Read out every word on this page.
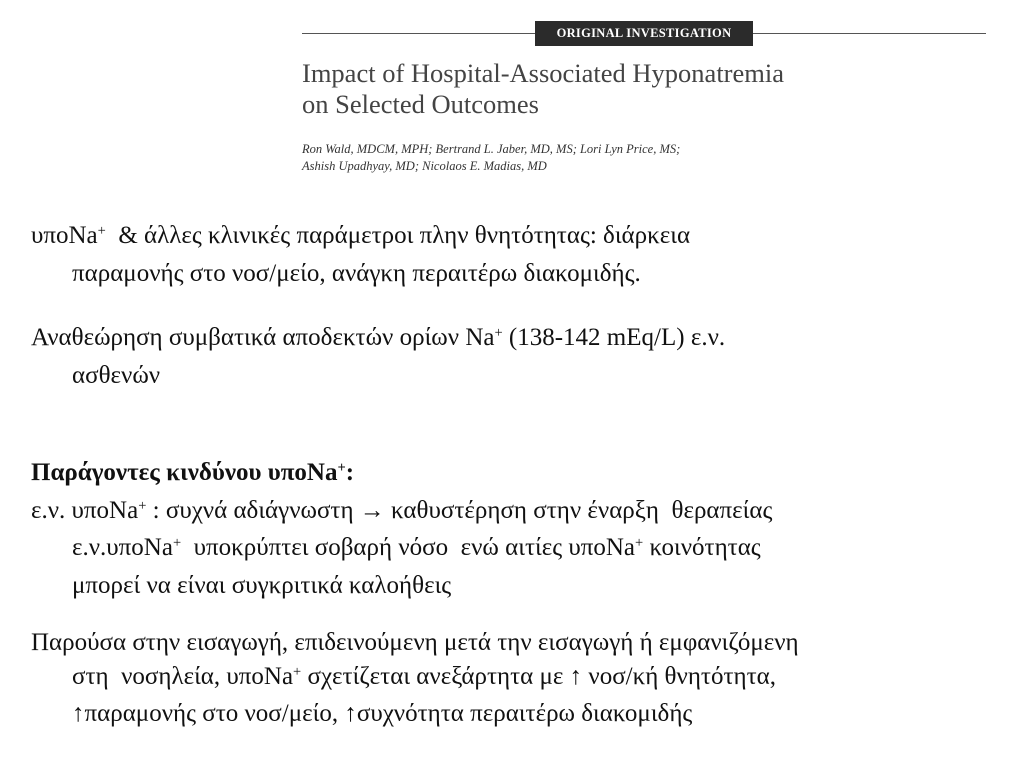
ORIGINAL INVESTIGATION
Impact of Hospital-Associated Hyponatremia
on Selected Outcomes
Ron Wald, MDCM, MPH; Bertrand L. Jaber, MD, MS; Lori Lyn Price, MS;
Ashish Upadhyay, MD; Nicolaos E. Madias, MD

υποNa+  & άλλες κλινικές παράμετροι πλην θνητότητας: διάρκεια
παραμονής στο νοσ/μείο, ανάγκη περαιτέρω διακομιδής.

Αναθεώρηση συμβατικά αποδεκτών ορίων Na+ (138-142 mEq/L) ε.ν.
ασθενών

Παράγοντες κινδύνου υποNa+:
ε.ν. υποNa+ : συχνά αδιάγνωστη → καθυστέρηση στην έναρξη  θεραπείας
ε.ν.υποNa+  υποκρύπτει σοβαρή νόσο  ενώ αιτίες υποNa+ κοινότητας
μπορεί να είναι συγκριτικά καλοήθεις

Παρούσα στην εισαγωγή, επιδεινούμενη μετά την εισαγωγή ή εμφανιζόμενη
στη  νοσηλεία, υποNa+ σχετίζεται ανεξάρτητα με ↑ νοσ/κή θνητότητα,
↑παραμονής στο νοσ/μείο, ↑συχνότητα περαιτέρω διακομιδής
